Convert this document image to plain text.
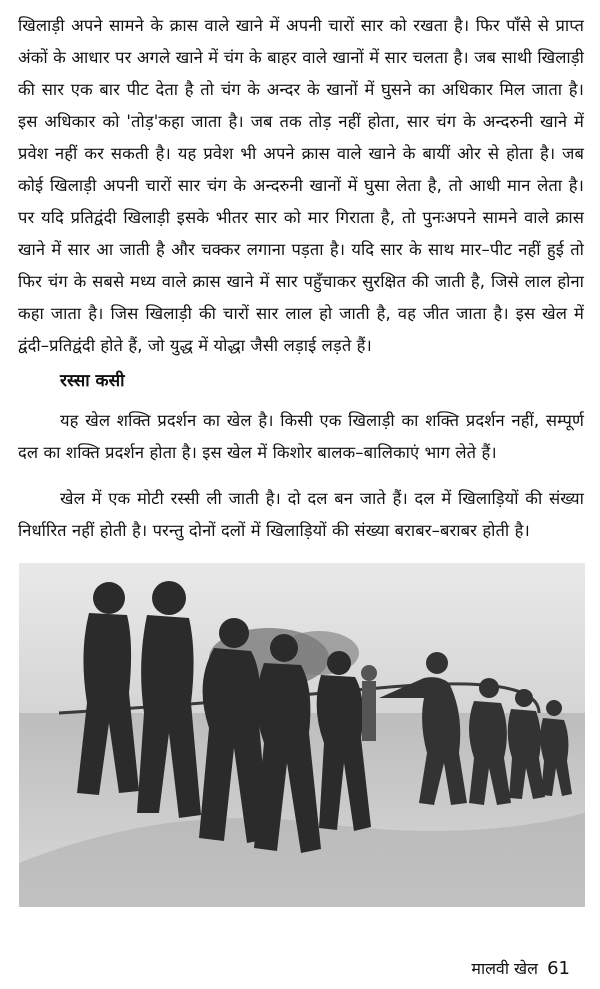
खिलाड़ी अपने सामने के क्रास वाले खाने में अपनी चारों सार को रखता है। फिर पाँसे से प्राप्त अंकों के आधार पर अगले खाने में चंग के बाहर वाले खानों में सार चलता है। जब साथी खिलाड़ी की सार एक बार पीट देता है तो चंग के अन्दर के खानों में घुसने का अधिकार मिल जाता है। इस अधिकार को 'तोड़'कहा जाता है। जब तक तोड़ नहीं होता, सार चंग के अन्दरुनी खाने में प्रवेश नहीं कर सकती है। यह प्रवेश भी अपने क्रास वाले खाने के बायीं ओर से होता है। जब कोई खिलाड़ी अपनी चारों सार चंग के अन्दरुनी खानों में घुसा लेता है, तो आधी मान लेता है। पर यदि प्रतिद्वंदी खिलाड़ी इसके भीतर सार को मार गिराता है, तो पुनःअपने सामने वाले क्रास खाने में सार आ जाती है और चक्कर लगाना पड़ता है। यदि सार के साथ मार–पीट नहीं हुई तो फिर चंग के सबसे मध्य वाले क्रास खाने में सार पहुँचाकर सुरक्षित की जाती है, जिसे लाल होना कहा जाता है। जिस खिलाड़ी की चारों सार लाल हो जाती है, वह जीत जाता है। इस खेल में द्वंदी–प्रतिद्वंदी होते हैं, जो युद्ध में योद्धा जैसी लड़ाई लड़ते हैं।

रस्सा कसी

यह खेल शक्ति प्रदर्शन का खेल है। किसी एक खिलाड़ी का शक्ति प्रदर्शन नहीं, सम्पूर्ण दल का शक्ति प्रदर्शन होता है। इस खेल में किशोर बालक–बालिकाएं भाग लेते हैं।

खेल में एक मोटी रस्सी ली जाती है। दो दल बन जाते हैं। दल में खिलाड़ियों की संख्या निर्धारित नहीं होती है। परन्तु दोनों दलों में खिलाड़ियों की संख्या बराबर–बराबर होती है।

मालवी खेल 61
